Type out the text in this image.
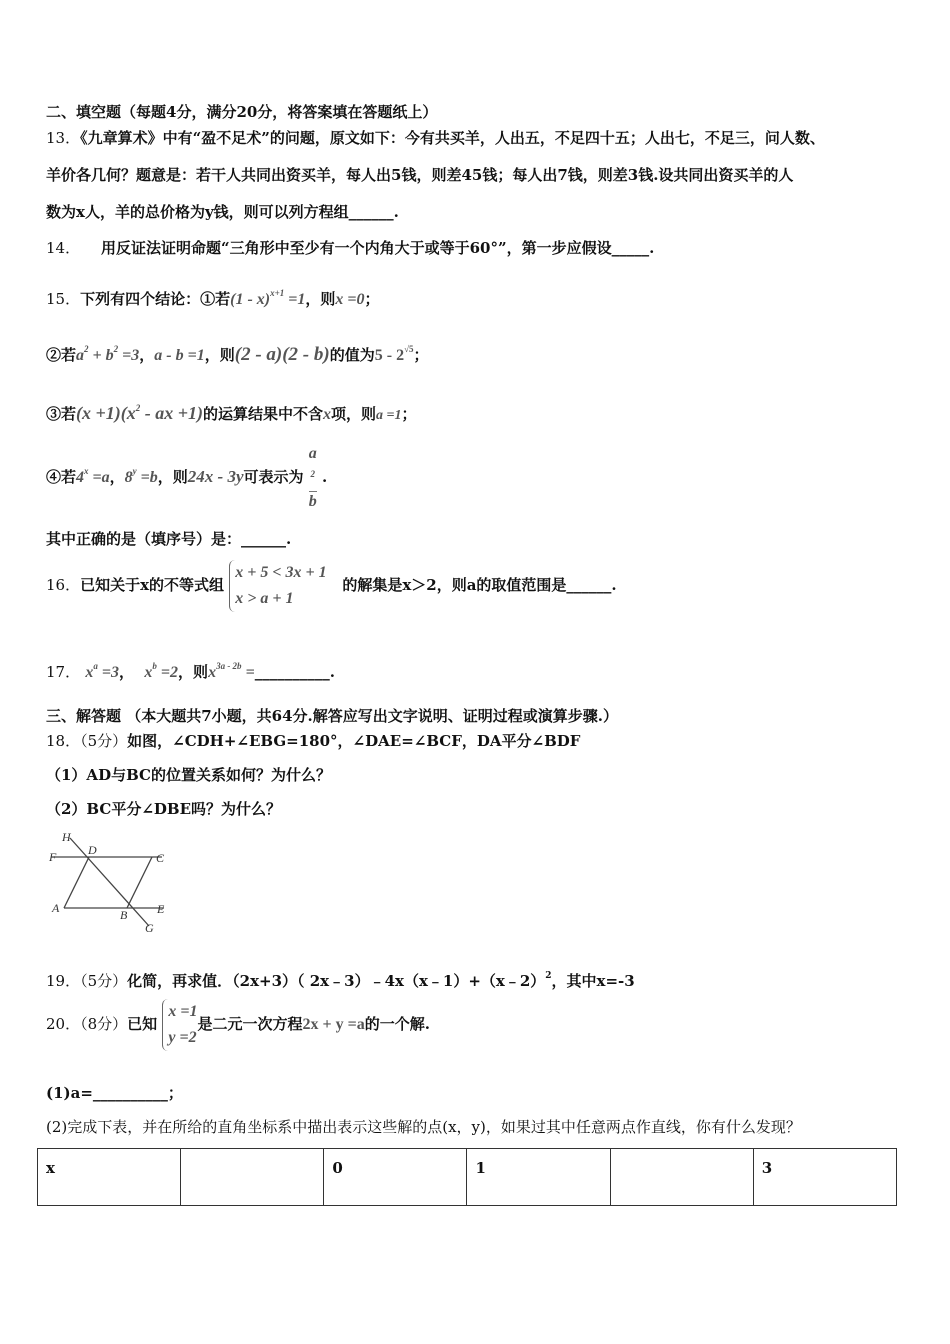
二、填空题（每题4分，满分20分，将答案填在答题纸上）
13．《九章算术》中有“盈不足术”的问题，原文如下：今有共买羊，人出五，不足四十五；人出七，不足三，问人数、
羊价各几何？题意是：若干人共同出资买羊，每人出5钱，则差45钱；每人出7钱，则差3钱.设共同出资买羊的人
数为x人，羊的总价格为y钱，则可以列方程组______.
14． 用反证法证明命题“三角形中至少有一个内角大于或等于60°”，第一步应假设_____.
15．下列有四个结论：①若(1 - x)$^{x+1}$ =1，则x =0；
②若$a^2 + b^2 =3$，a - b =1，则(2 - a)(2 - b)的值为$5 - 2^{√5}$；
③若$(x +1)(x^2$ - ax +1)的运算结果中不含x项，则a =1；
④若$4^x =a$，$8^y =b$，则24x - 3y可表示为 a
$^2$
b .
其中正确的是（填序号）是：______.
16．已知关于x的不等式组
x + 5 < 3x + 1
x > a + 1
的解集是x＞2，则a的取值范围是______.
17． $x^a =3$， $x^b =2$，则$x^{3a - 2b}$ =__________.
三、解答题 （本大题共7小题，共64分.解答应写出文字说明、证明过程或演算步骤.）
18．（5分）如图，∠CDH+∠EBG=180°，∠DAE=∠BCF，DA平分∠BDF
（1）AD与BC的位置关系如何？为什么？
（2）BC平分∠DBE吗？为什么？
H
F	D
C
A	B E
G
19．（5分）化简，再求值．（2x+3）（ 2x﹣3）﹣4x（x﹣1）+（x﹣2）$^2$，其中x=-3
20．（8分）已知
x =1
y =2
是二元一次方程2x + y =a的一个解.
(1)a=__________；
(2)完成下表，并在所给的直角坐标系中描出表示这些解的点(x，y)，如果过其中任意两点作直线，你有什么发现？
x		0	1		3
